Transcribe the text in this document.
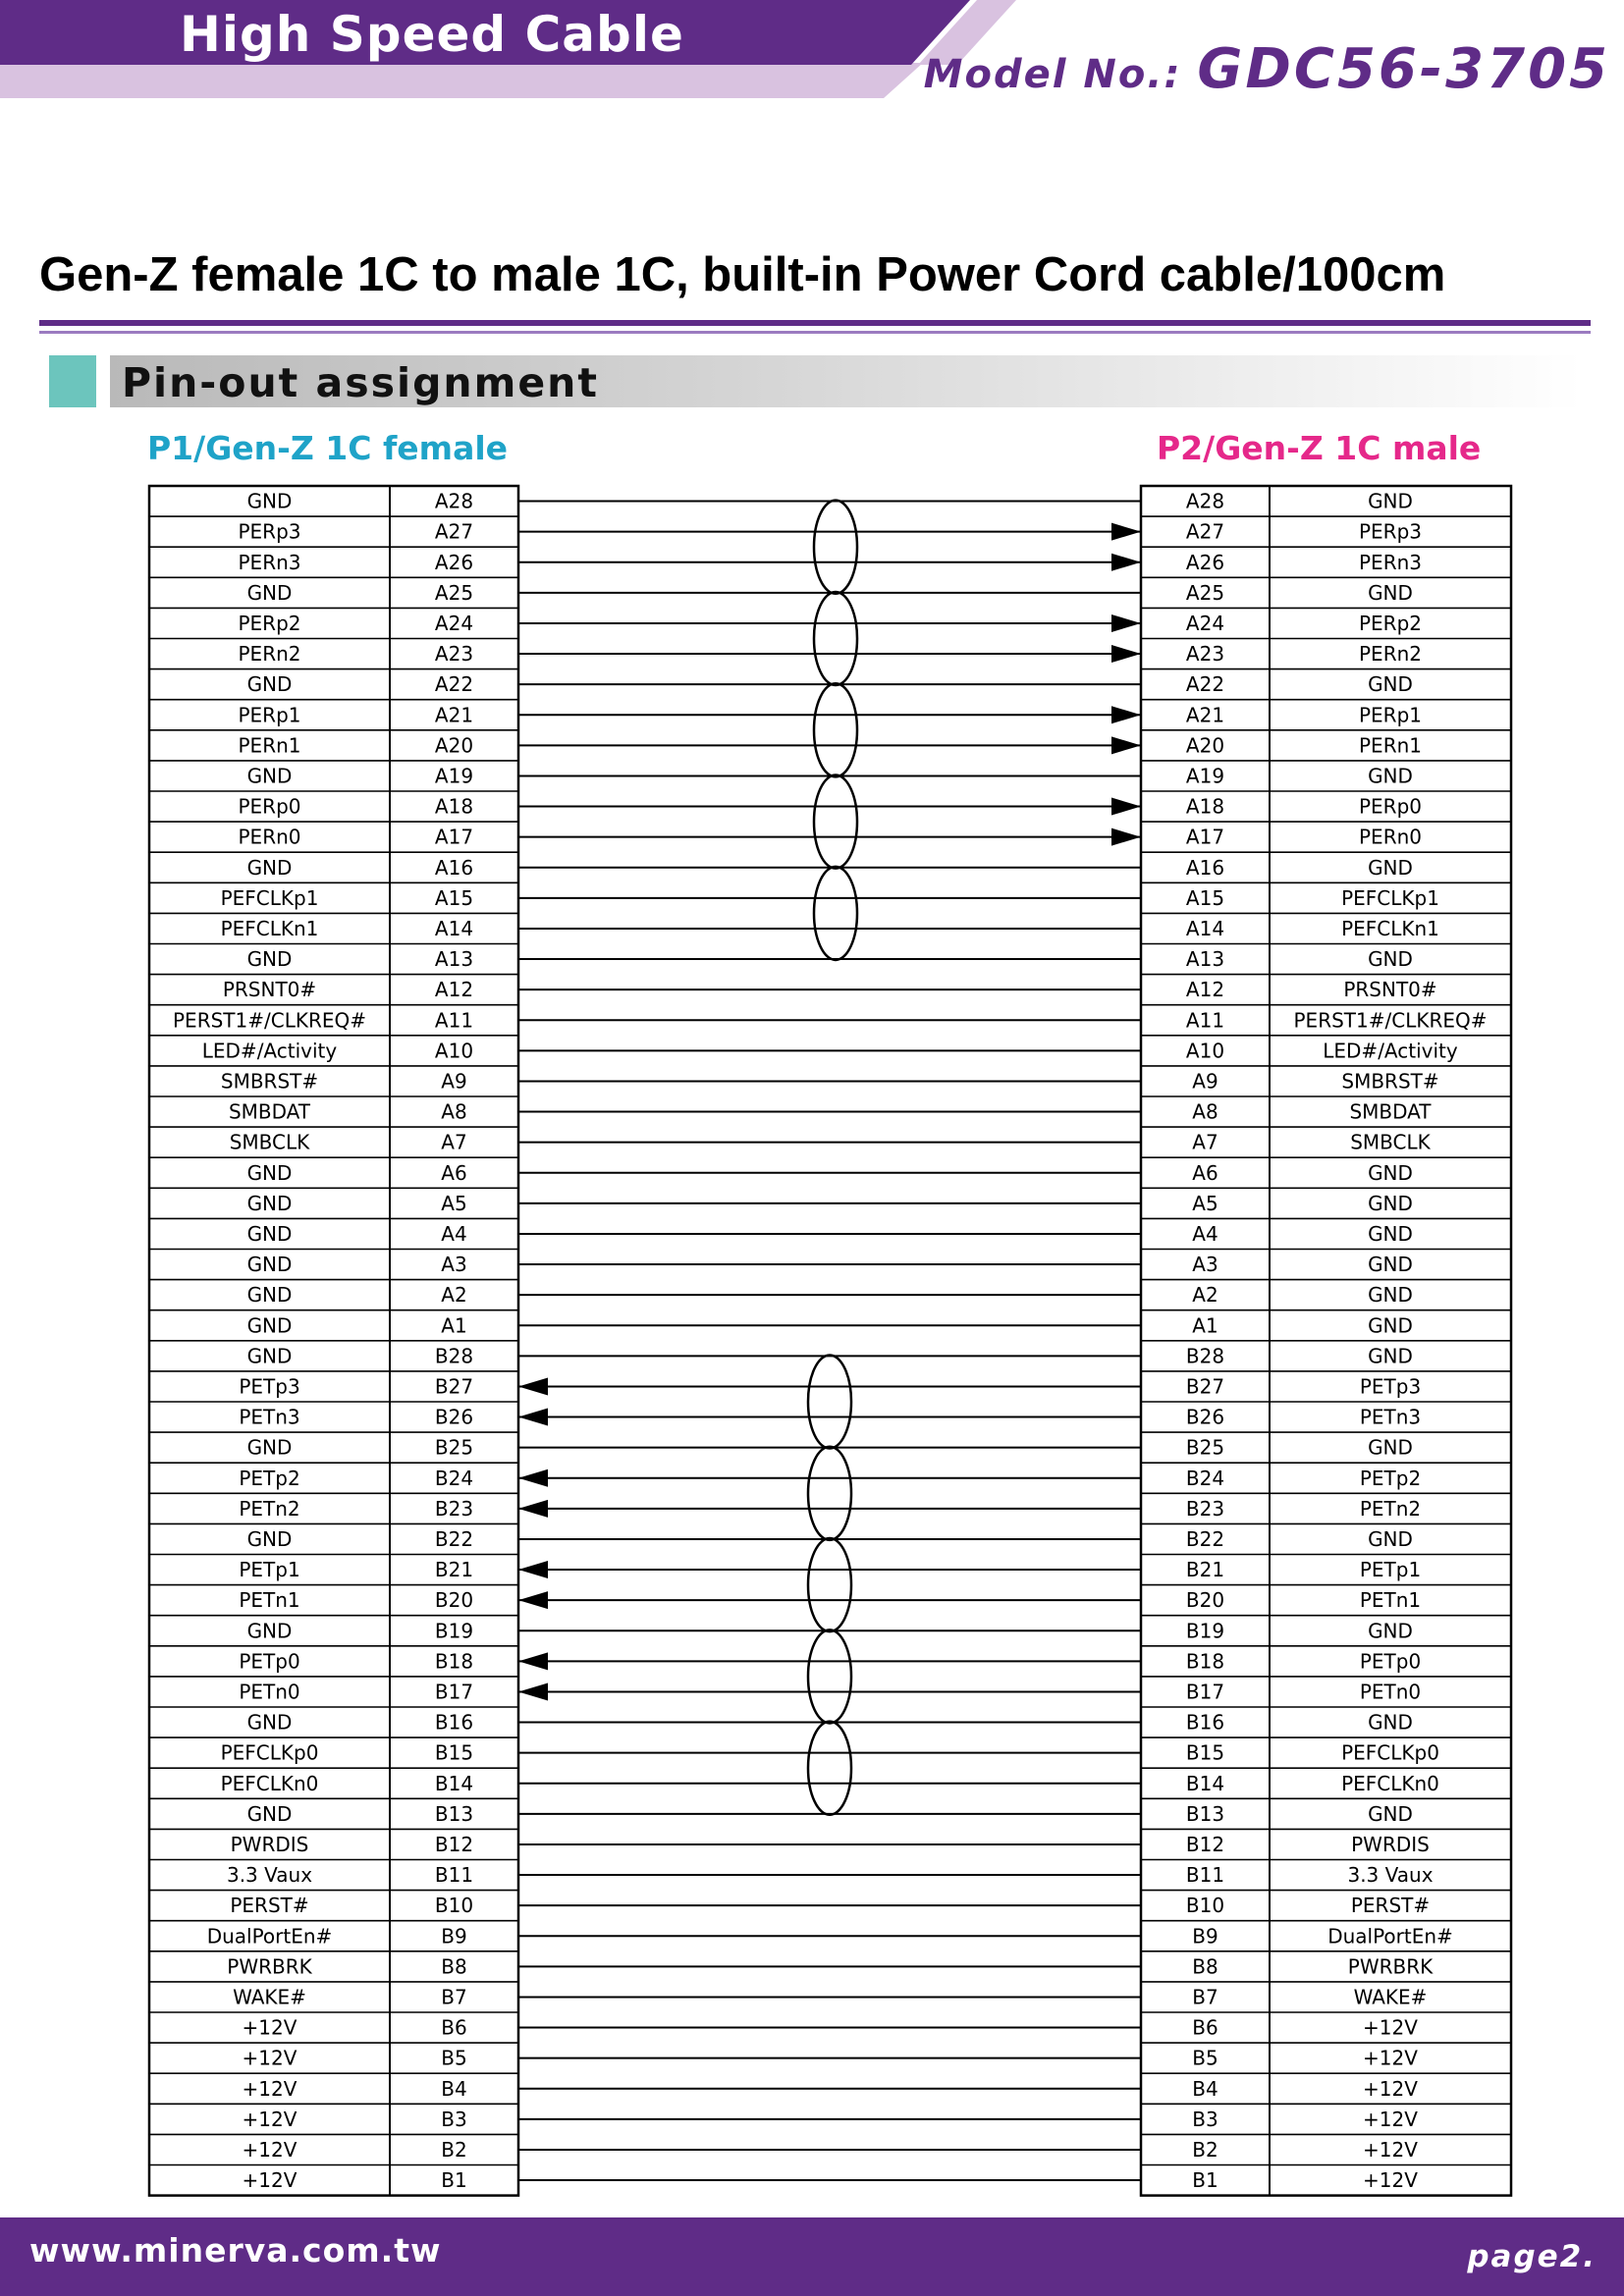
High Speed Cable
Model No.: GDC56-3705
Gen-Z female 1C to male 1C, built-in Power Cord cable/100cm
Pin-out assignment
P1/Gen-Z 1C female	P2/Gen-Z 1C male
GND	A28
PERp3	A27
PERn3	A26
GND	A25
PERp2	A24
PERn2	A23
GND	A22
PERp1	A21
PERn1	A20
GND	A19
PERp0	A18
PERn0	A17
GND	A16
PEFCLKp1	A15
PEFCLKn1	A14
GND	A13
PRSNT0#	A12
PERST1#/CLKREQ#	A11
LED#/Activity	A10
SMBRST#	A9
SMBDAT	A8
SMBCLK	A7
GND	A6
GND	A5
GND	A4
GND	A3
GND	A2
GND	A1
GND	B28
PETp3	B27
PETn3	B26
GND	B25
PETp2	B24
PETn2	B23
GND	B22
PETp1	B21
PETn1	B20
GND	B19
PETp0	B18
PETn0	B17
GND	B16
PEFCLKp0	B15
PEFCLKn0	B14
GND	B13
PWRDIS	B12
3.3 Vaux	B11
PERST#	B10
DualPortEn#	B9
PWRBRK	B8
WAKE#	B7
+12V	B6
+12V	B5
+12V	B4
+12V	B3
+12V	B2
+12V	B1
A28	GND
A27	PERp3
A26	PERn3
A25	GND
A24	PERp2
A23	PERn2
A22	GND
A21	PERp1
A20	PERn1
A19	GND
A18	PERp0
A17	PERn0
A16	GND
A15	PEFCLKp1
A14	PEFCLKn1
A13	GND
A12	PRSNT0#
A11	PERST1#/CLKREQ#
A10	LED#/Activity
A9	SMBRST#
A8	SMBDAT
A7	SMBCLK
A6	GND
A5	GND
A4	GND
A3	GND
A2	GND
A1	GND
B28	GND
B27	PETp3
B26	PETn3
B25	GND
B24	PETp2
B23	PETn2
B22	GND
B21	PETp1
B20	PETn1
B19	GND
B18	PETp0
B17	PETn0
B16	GND
B15	PEFCLKp0
B14	PEFCLKn0
B13	GND
B12	PWRDIS
B11	3.3 Vaux
B10	PERST#
B9	DualPortEn#
B8	PWRBRK
B7	WAKE#
B6	+12V
B5	+12V
B4	+12V
B3	+12V
B2	+12V
B1	+12V
www.minerva.com.tw	page2.
